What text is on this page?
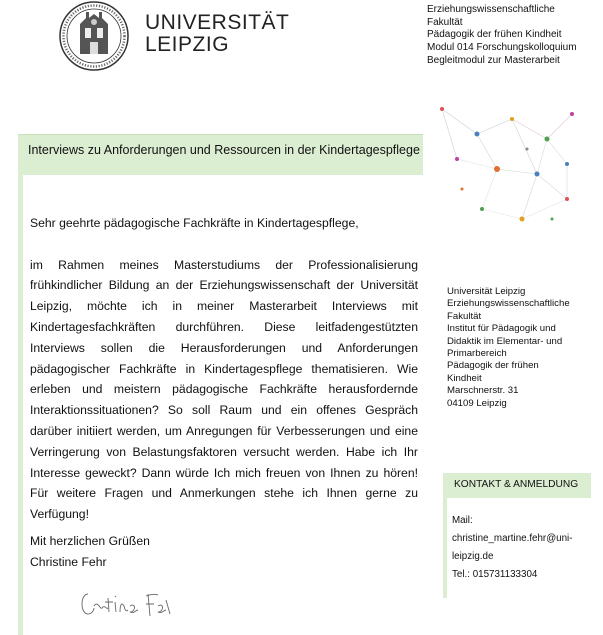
UNIVERSITÄT
LEIPZIG
Erziehungswissenschaftliche
Fakultät
Pädagogik der frühen Kindheit
Modul 014 Forschungskolloquium
Begleitmodul zur Masterarbeit
Interviews zu Anforderungen und Ressourcen in der Kindertagespflege

Sehr geehrte pädagogische Fachkräfte in Kindertagespflege,

im Rahmen meines Masterstudiums der Professionalisierung frühkindlicher Bildung an der Erziehungswissenschaft der Universität Leipzig, möchte ich in meiner Masterarbeit Interviews mit Kindertagesfachkräften durchführen. Diese leitfadengestützten Interviews sollen die Herausforderungen und Anforderungen pädagogischer Fachkräfte in Kindertagespflege thematisieren. Wie erleben und meistern pädagogische Fachkräfte herausfordernde Interaktionssituationen? So soll Raum und ein offenes Gespräch darüber initiiert werden, um Anregungen für Verbesserungen und eine Verringerung von Belastungsfaktoren versucht werden. Habe ich Ihr Interesse geweckt? Dann würde Ich mich freuen von Ihnen zu hören! Für weitere Fragen und Anmerkungen stehe ich Ihnen gerne zu Verfügung!

Mit herzlichen Grüßen
Christine Fehr
Universität Leipzig
Erziehungswissenschaftliche
Fakultät
Institut für Pädagogik und
Didaktik im Elementar- und
Primarbereich
Pädagogik der frühen
Kindheit
Marschnerstr. 31
04109 Leipzig
KONTAKT & ANMELDUNG
Mail:
christine_martine.fehr@uni-
leipzig.de
Tel.: 015731133304
